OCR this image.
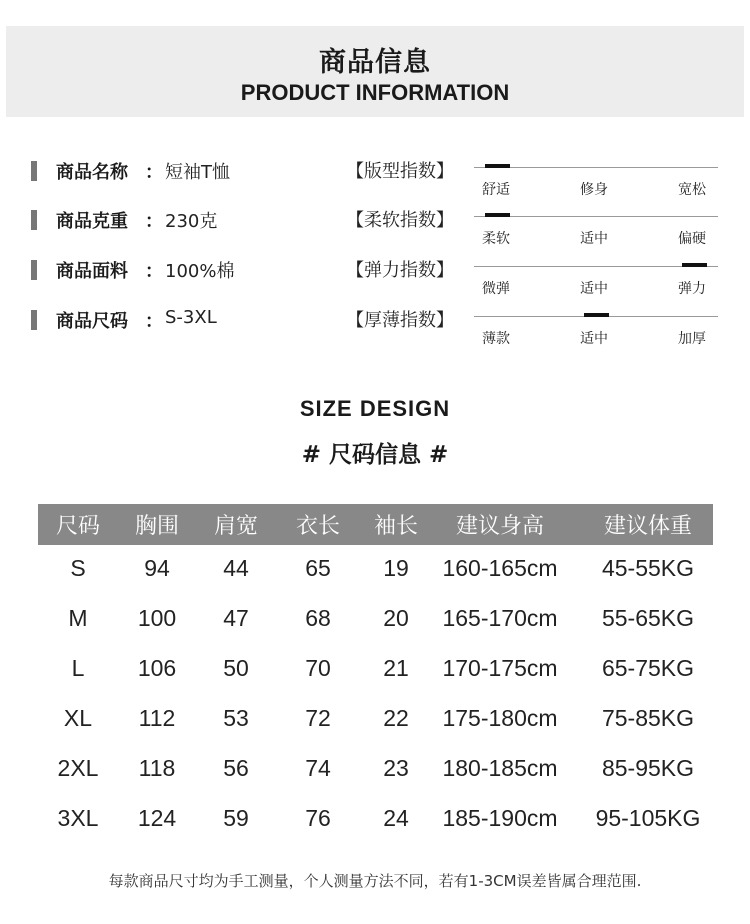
商品信息
PRODUCT INFORMATION
商品名称 ： 短袖T恤	【版型指数】
舒适	修身	宽松
商品克重 ： 230克	【柔软指数】
柔软	适中	偏硬
商品面料 ： 100%棉	【弹力指数】
微弹	适中	弹力
商品尺码 ： S-3XL	【厚薄指数】
薄款	适中	加厚
SIZE DESIGN
# 尺码信息 #
尺码	胸围	肩宽	衣长	袖长	建议身高	建议体重
S	94	44	65	19	160-165cm	45-55KG
M	100	47	68	20	165-170cm	55-65KG
L	106	50	70	21	170-175cm	65-75KG
XL	112	53	72	22	175-180cm	75-85KG
2XL	118	56	74	23	180-185cm	85-95KG
3XL	124	59	76	24	185-190cm	95-105KG
每款商品尺寸均为手工测量，个人测量方法不同，若有1-3CM误差皆属合理范围.
